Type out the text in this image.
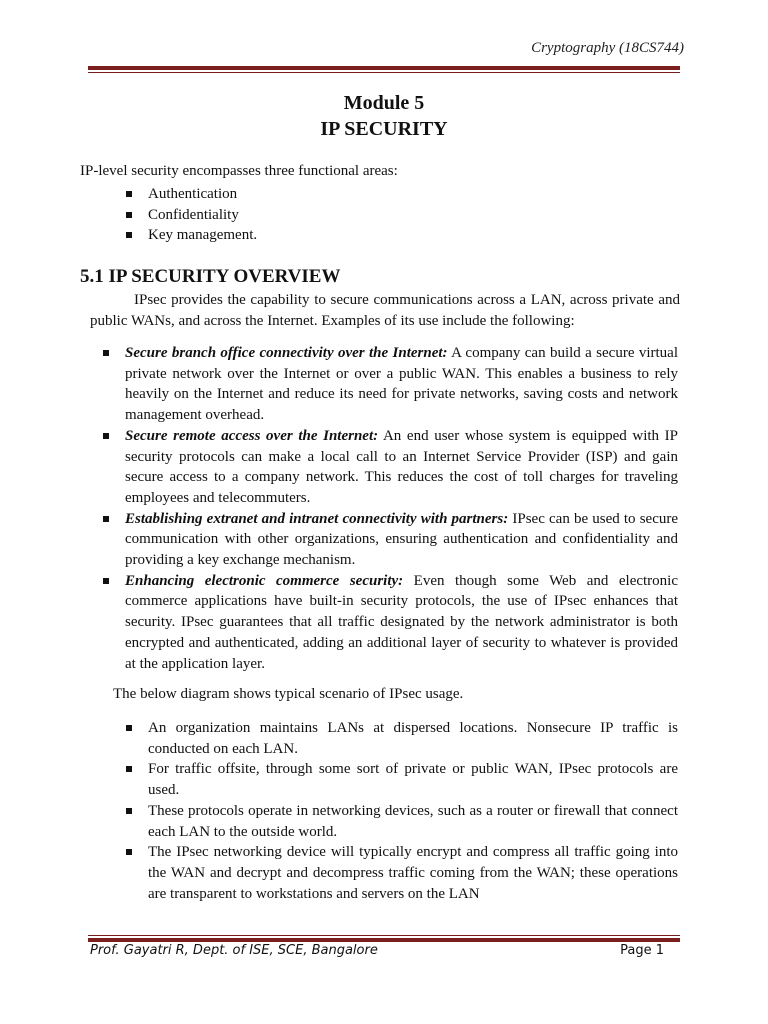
Cryptography (18CS744)
Module 5
IP SECURITY
IP-level security encompasses three functional areas:
Authentication
Confidentiality
Key management.
5.1 IP SECURITY OVERVIEW
IPsec provides the capability to secure communications across a LAN, across private and public WANs, and across the Internet. Examples of its use include the following:
Secure branch office connectivity over the Internet: A company can build a secure virtual private network over the Internet or over a public WAN. This enables a business to rely heavily on the Internet and reduce its need for private networks, saving costs and network management overhead.
Secure remote access over the Internet: An end user whose system is equipped with IP security protocols can make a local call to an Internet Service Provider (ISP) and gain secure access to a company network. This reduces the cost of toll charges for traveling employees and telecommuters.
Establishing extranet and intranet connectivity with partners: IPsec can be used to secure communication with other organizations, ensuring authentication and confidentiality and providing a key exchange mechanism.
Enhancing electronic commerce security: Even though some Web and electronic commerce applications have built-in security protocols, the use of IPsec enhances that security. IPsec guarantees that all traffic designated by the network administrator is both encrypted and authenticated, adding an additional layer of security to whatever is provided at the application layer.
The below diagram shows typical scenario of IPsec usage.
An organization maintains LANs at dispersed locations. Nonsecure IP traffic is conducted on each LAN.
For traffic offsite, through some sort of private or public WAN, IPsec protocols are used.
These protocols operate in networking devices, such as a router or firewall that connect each LAN to the outside world.
The IPsec networking device will typically encrypt and compress all traffic going into the WAN and decrypt and decompress traffic coming from the WAN; these operations are transparent to workstations and servers on the LAN
Prof. Gayatri R, Dept. of ISE, SCE, Bangalore	Page 1
